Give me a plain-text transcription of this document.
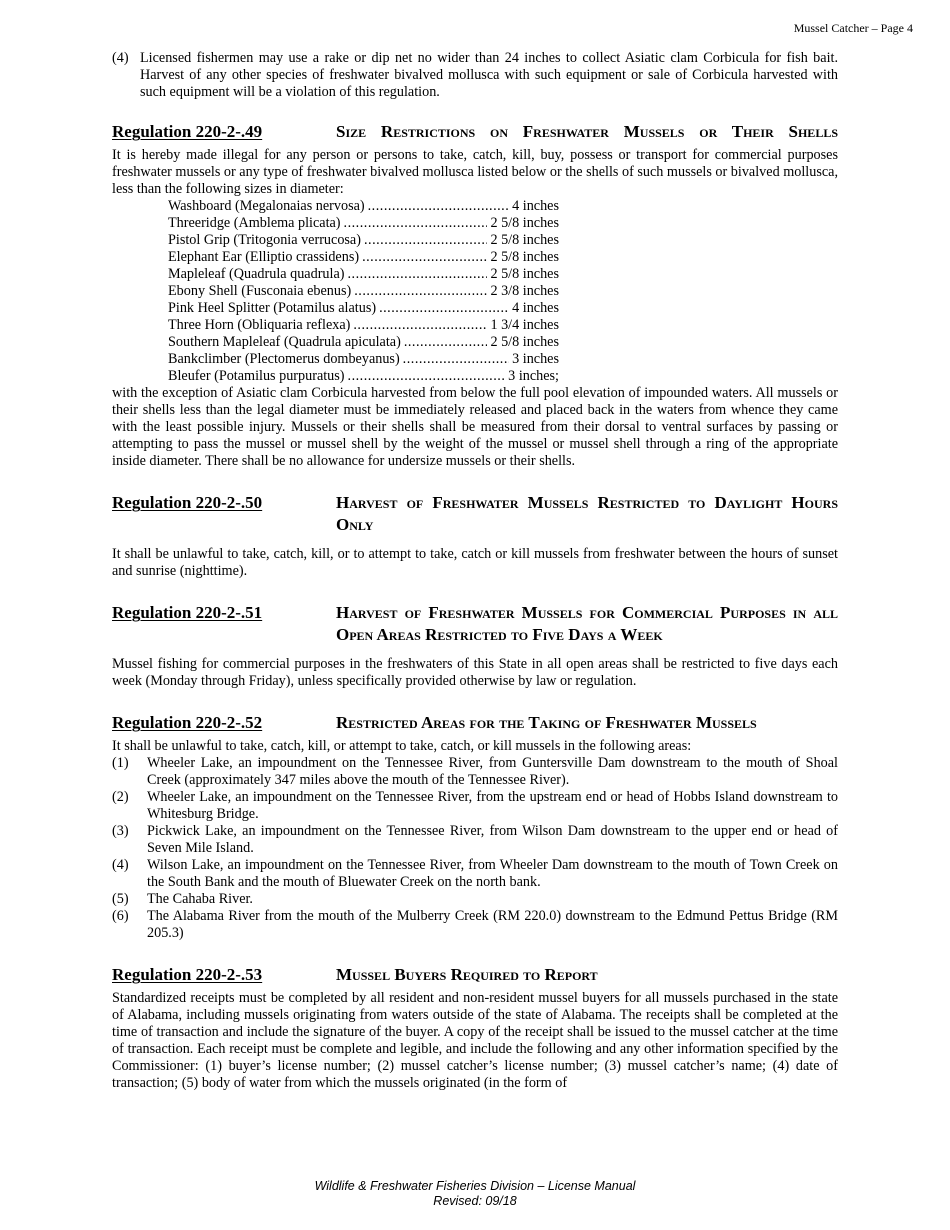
Mussel Catcher – Page 4
(4) Licensed fishermen may use a rake or dip net no wider than 24 inches to collect Asiatic clam Corbicula for fish bait. Harvest of any other species of freshwater bivalved mollusca with such equipment or sale of Corbicula harvested with such equipment will be a violation of this regulation.
Regulation 220-2-.49	Size Restrictions on Freshwater Mussels or Their Shells

It is hereby made illegal for any person or persons to take, catch, kill, buy, possess or transport for commercial purposes freshwater mussels or any type of freshwater bivalved mollusca listed below or the shells of such mussels or bivalved mollusca, less than the following sizes in diameter:

Washboard (Megalonaias nervosa) .....	4 inches
Threeridge (Amblema plicata) .....	2 5/8 inches
Pistol Grip (Tritogonia verrucosa) .....	2 5/8 inches
Elephant Ear (Elliptio crassidens) .....	2 5/8 inches
Mapleleaf (Quadrula quadrula) .....	2 5/8 inches
Ebony Shell (Fusconaia ebenus) .....	2 3/8 inches
Pink Heel Splitter (Potamilus alatus) .....	4 inches
Three Horn (Obliquaria reflexa) .....	1 3/4 inches
Southern Mapleleaf (Quadrula apiculata) .....	2 5/8 inches
Bankclimber (Plectomerus dombeyanus) .....	3 inches
Bleufer (Potamilus purpuratus) .....	3 inches;

with the exception of Asiatic clam Corbicula harvested from below the full pool elevation of impounded waters. All mussels or their shells less than the legal diameter must be immediately released and placed back in the waters from whence they came with the least possible injury. Mussels or their shells shall be measured from their dorsal to ventral surfaces by passing or attempting to pass the mussel or mussel shell by the weight of the mussel or mussel shell through a ring of the appropriate inside diameter. There shall be no allowance for undersize mussels or their shells.

Regulation 220-2-.50	Harvest of Freshwater Mussels Restricted to Daylight Hours Only

It shall be unlawful to take, catch, kill, or to attempt to take, catch or kill mussels from freshwater between the hours of sunset and sunrise (nighttime).

Regulation 220-2-.51	Harvest of Freshwater Mussels for Commercial Purposes in all Open Areas Restricted to Five Days a Week

Mussel fishing for commercial purposes in the freshwaters of this State in all open areas shall be restricted to five days each week (Monday through Friday), unless specifically provided otherwise by law or regulation.

Regulation 220-2-.52	Restricted Areas for the Taking of Freshwater Mussels

It shall be unlawful to take, catch, kill, or attempt to take, catch, or kill mussels in the following areas:

(1)	Wheeler Lake, an impoundment on the Tennessee River, from Guntersville Dam downstream to the mouth of Shoal Creek (approximately 347 miles above the mouth of the Tennessee River).
(2)	Wheeler Lake, an impoundment on the Tennessee River, from the upstream end or head of Hobbs Island downstream to Whitesburg Bridge.
(3)	Pickwick Lake, an impoundment on the Tennessee River, from Wilson Dam downstream to the upper end or head of Seven Mile Island.
(4)	Wilson Lake, an impoundment on the Tennessee River, from Wheeler Dam downstream to the mouth of Town Creek on the South Bank and the mouth of Bluewater Creek on the north bank.
(5)	The Cahaba River.
(6)	The Alabama River from the mouth of the Mulberry Creek (RM 220.0) downstream to the Edmund Pettus Bridge (RM 205.3)
Regulation 220-2-.53	Mussel Buyers Required to Report

Standardized receipts must be completed by all resident and non-resident mussel buyers for all mussels purchased in the state of Alabama, including mussels originating from waters outside of the state of Alabama. The receipts shall be completed at the time of transaction and include the signature of the buyer. A copy of the receipt shall be issued to the mussel catcher at the time of transaction. Each receipt must be complete and legible, and include the following and any other information specified by the Commissioner: (1) buyer’s license number; (2) mussel catcher’s license number; (3) mussel catcher’s name; (4) date of transaction; (5) body of water from which the mussels originated (in the form of

Wildlife & Freshwater Fisheries Division – License Manual
Revised: 09/18
